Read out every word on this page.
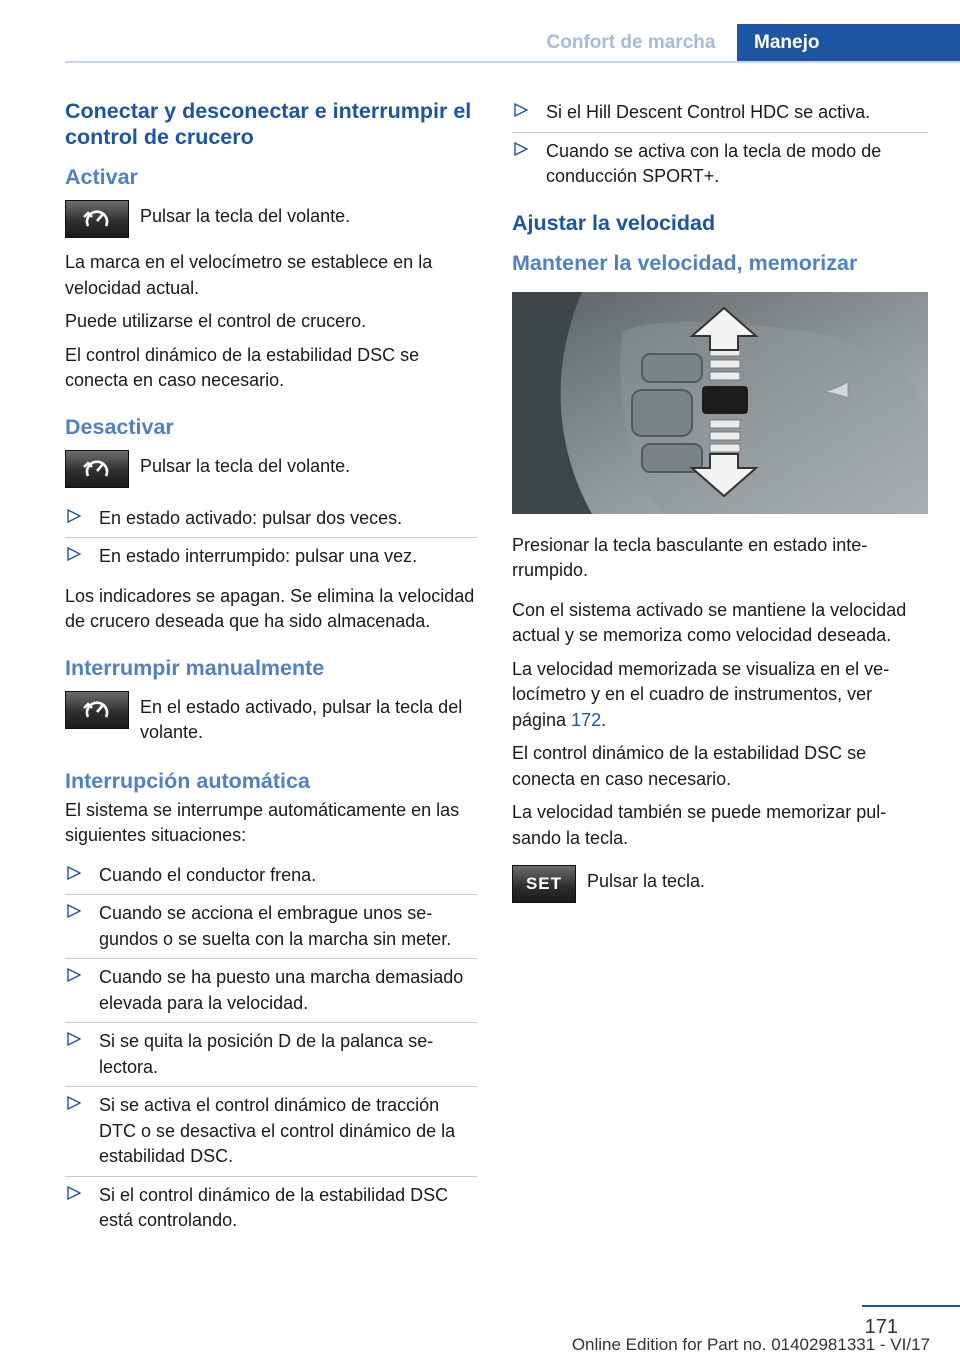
Confort de marcha	Manejo
Conectar y desconectar e interrumpir el control de crucero
Activar
Pulsar la tecla del volante.

La marca en el velocímetro se establece en la velocidad actual.

Puede utilizarse el control de crucero.

El control dinámico de la estabilidad DSC se conecta en caso necesario.

Desactivar
Pulsar la tecla del volante.
En estado activado: pulsar dos veces.
En estado interrumpido: pulsar una vez.

Los indicadores se apagan. Se elimina la velocidad de crucero deseada que ha sido almacenada.

Interrumpir manualmente
En el estado activado, pulsar la tecla del volante.
Interrupción automática

El sistema se interrumpe automáticamente en las siguientes situaciones:

Cuando el conductor frena.
Cuando se acciona el embrague unos segundos o se suelta con la marcha sin meter.
Cuando se ha puesto una marcha demasiado elevada para la velocidad.
Si se quita la posición D de la palanca selectora.
Si se activa el control dinámico de tracción DTC o se desactiva el control dinámico de la estabilidad DSC.
Si el control dinámico de la estabilidad DSC está controlando.
Si el Hill Descent Control HDC se activa.
Cuando se activa con la tecla de modo de conducción SPORT+.
Ajustar la velocidad
Mantener la velocidad, memorizar

Presionar la tecla basculante en estado interrumpido.

Con el sistema activado se mantiene la velocidad actual y se memoriza como velocidad deseada.

La velocidad memorizada se visualiza en el velocímetro y en el cuadro de instrumentos, ver página 172.

El control dinámico de la estabilidad DSC se conecta en caso necesario.

La velocidad también se puede memorizar pulsando la tecla.

SET Pulsar la tecla.
171
Online Edition for Part no. 01402981331 - VI/17
